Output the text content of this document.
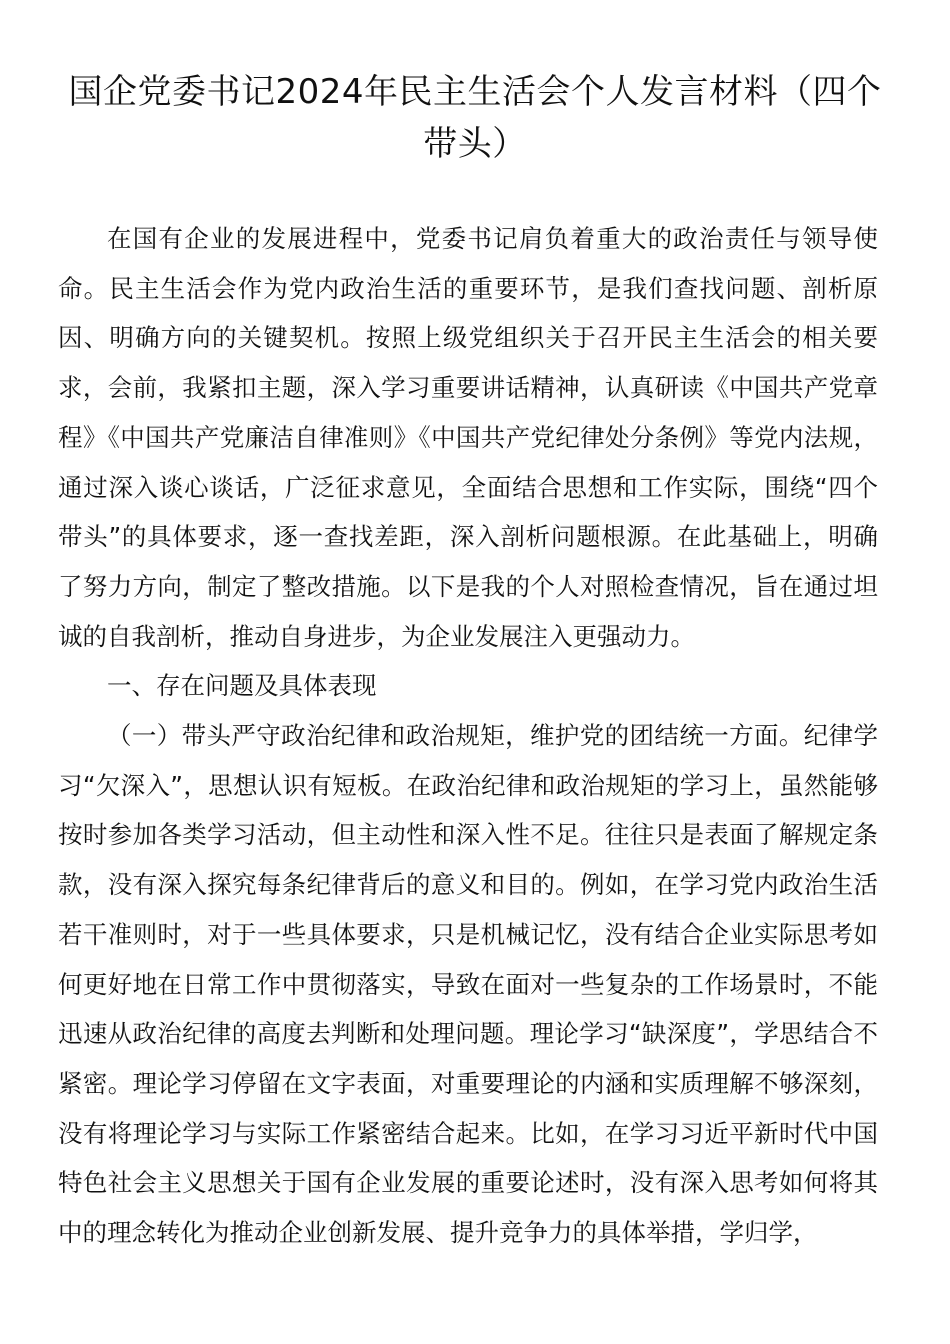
国企党委书记2024年民主生活会个人发言材料（四个带头）

在国有企业的发展进程中，党委书记肩负着重大的政治责任与领导使命。民主生活会作为党内政治生活的重要环节，是我们查找问题、剖析原因、明确方向的关键契机。按照上级党组织关于召开民主生活会的相关要求，会前，我紧扣主题，深入学习重要讲话精神，认真研读《中国共产党章程》《中国共产党廉洁自律准则》《中国共产党纪律处分条例》等党内法规，通过深入谈心谈话，广泛征求意见，全面结合思想和工作实际，围绕“四个带头”的具体要求，逐一查找差距，深入剖析问题根源。在此基础上，明确了努力方向，制定了整改措施。以下是我的个人对照检查情况，旨在通过坦诚的自我剖析，推动自身进步，为企业发展注入更强动力。

一、存在问题及具体表现

（一）带头严守政治纪律和政治规矩，维护党的团结统一方面。纪律学习“欠深入”，思想认识有短板。在政治纪律和政治规矩的学习上，虽然能够按时参加各类学习活动，但主动性和深入性不足。往往只是表面了解规定条款，没有深入探究每条纪律背后的意义和目的。例如，在学习党内政治生活若干准则时，对于一些具体要求，只是机械记忆，没有结合企业实际思考如何更好地在日常工作中贯彻落实，导致在面对一些复杂的工作场景时，不能迅速从政治纪律的高度去判断和处理问题。理论学习“缺深度”，学思结合不紧密。理论学习停留在文字表面，对重要理论的内涵和实质理解不够深刻，没有将理论学习与实际工作紧密结合起来。比如，在学习习近平新时代中国特色社会主义思想关于国有企业发展的重要论述时，没有深入思考如何将其中的理念转化为推动企业创新发展、提升竞争力的具体举措，学归学，
